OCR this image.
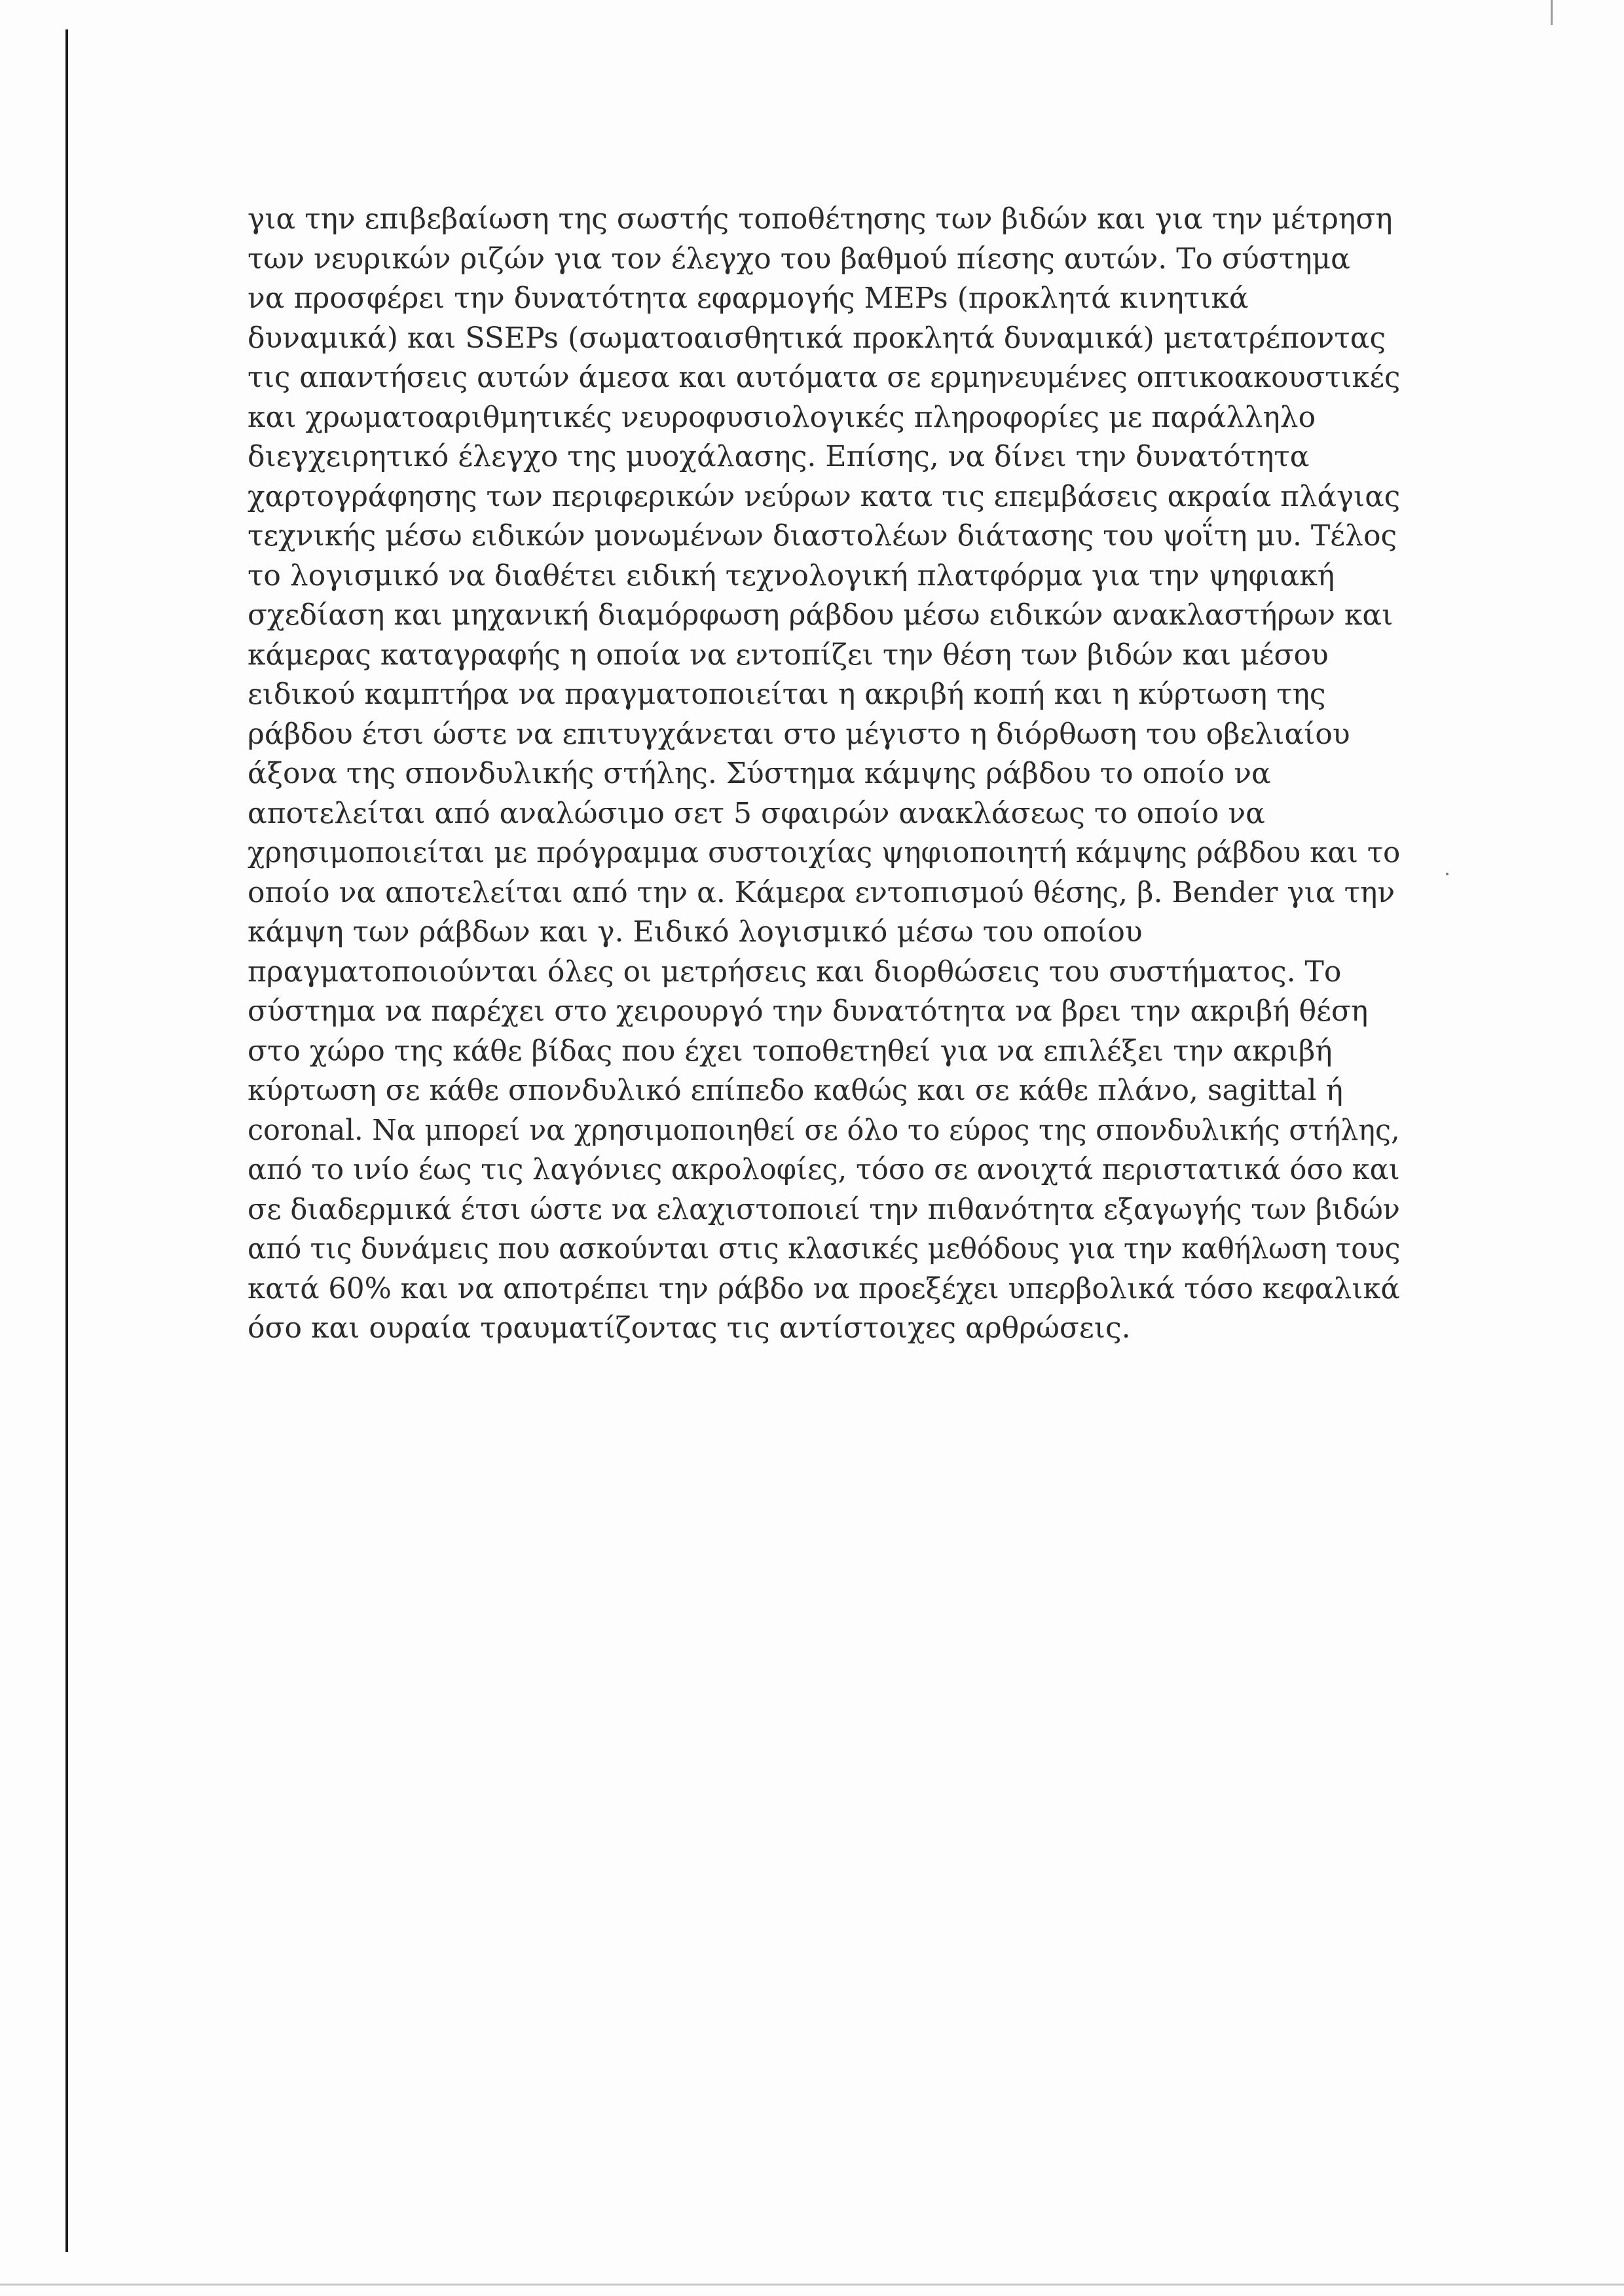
για την επιβεβαίωση της σωστής τοποθέτησης των βιδών και για την μέτρηση
των νευρικών ριζών για τον έλεγχο του βαθμού πίεσης αυτών. Το σύστημα
να προσφέρει την δυνατότητα εφαρμογής MEPs (προκλητά κινητικά
δυναμικά) και SSEPs (σωματοαισθητικά προκλητά δυναμικά) μετατρέποντας
τις απαντήσεις αυτών άμεσα και αυτόματα σε ερμηνευμένες οπτικοακουστικές
και χρωματοαριθμητικές νευροφυσιολογικές πληροφορίες με παράλληλο
διεγχειρητικό έλεγχο της μυοχάλασης. Επίσης, να δίνει την δυνατότητα
χαρτογράφησης των περιφερικών νεύρων κατα τις επεμβάσεις ακραία πλάγιας
τεχνικής μέσω ειδικών μονωμένων διαστολέων διάτασης του ψοΐτη μυ. Τέλος
το λογισμικό να διαθέτει ειδική τεχνολογική πλατφόρμα για την ψηφιακή
σχεδίαση και μηχανική διαμόρφωση ράβδου μέσω ειδικών ανακλαστήρων και
κάμερας καταγραφής η οποία να εντοπίζει την θέση των βιδών και μέσου
ειδικού καμπτήρα να πραγματοποιείται η ακριβή κοπή και η κύρτωση της
ράβδου έτσι ώστε να επιτυγχάνεται στο μέγιστο η διόρθωση του οβελιαίου
άξονα της σπονδυλικής στήλης. Σύστημα κάμψης ράβδου το οποίο να
αποτελείται από αναλώσιμο σετ 5 σφαιρών ανακλάσεως το οποίο να
χρησιμοποιείται με πρόγραμμα συστοιχίας ψηφιοποιητή κάμψης ράβδου και το
οποίο να αποτελείται από την α. Κάμερα εντοπισμού θέσης, β. Bender για την
κάμψη των ράβδων και γ. Ειδικό λογισμικό μέσω του οποίου
πραγματοποιούνται όλες οι μετρήσεις και διορθώσεις του συστήματος. Το
σύστημα να παρέχει στο χειρουργό την δυνατότητα να βρει την ακριβή θέση
στο χώρο της κάθε βίδας που έχει τοποθετηθεί για να επιλέξει την ακριβή
κύρτωση σε κάθε σπονδυλικό επίπεδο καθώς και σε κάθε πλάνο, sagittal ή
coronal. Να μπορεί να χρησιμοποιηθεί σε όλο το εύρος της σπονδυλικής στήλης,
από το ινίο έως τις λαγόνιες ακρολοφίες, τόσο σε ανοιχτά περιστατικά όσο και
σε διαδερμικά έτσι ώστε να ελαχιστοποιεί την πιθανότητα εξαγωγής των βιδών
από τις δυνάμεις που ασκούνται στις κλασικές μεθόδους για την καθήλωση τους
κατά 60% και να αποτρέπει την ράβδο να προεξέχει υπερβολικά τόσο κεφαλικά
όσο και ουραία τραυματίζοντας τις αντίστοιχες αρθρώσεις.
